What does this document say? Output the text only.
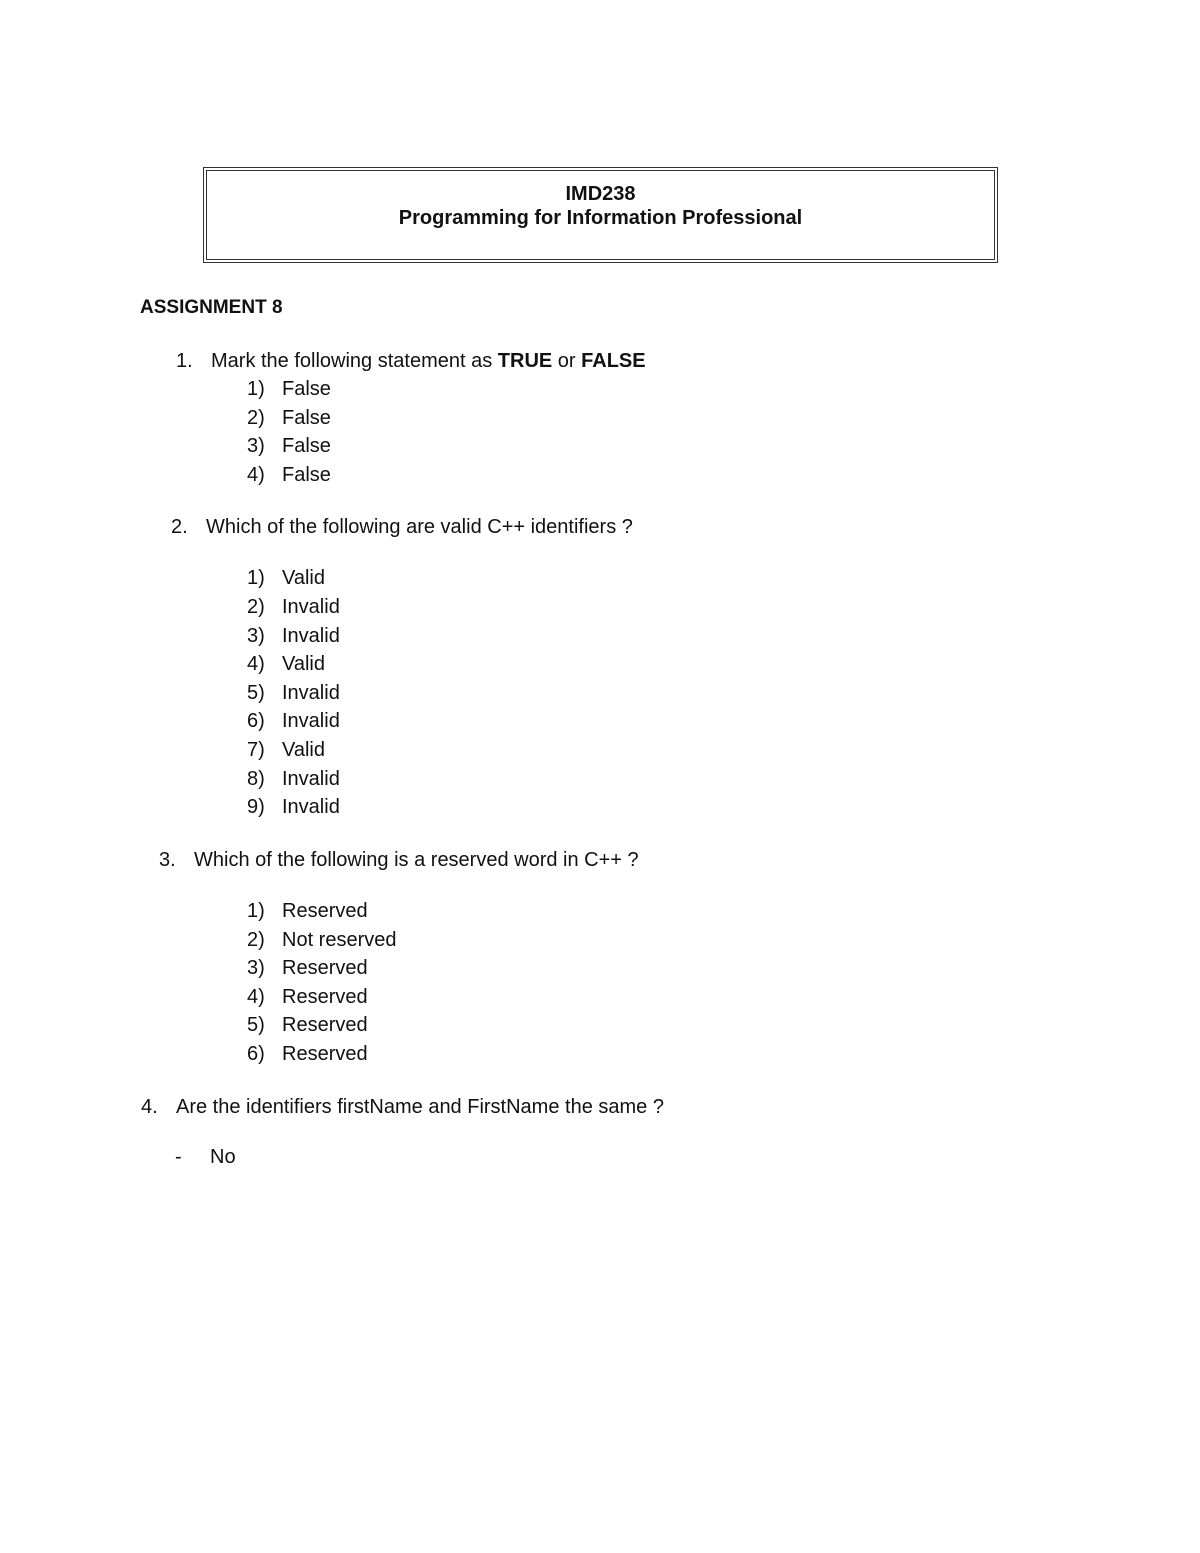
IMD238
Programming for Information Professional
ASSIGNMENT 8
1. Mark the following statement as TRUE or FALSE
1) False
2) False
3) False
4) False
2. Which of the following are valid C++ identifiers ?
1) Valid
2) Invalid
3) Invalid
4) Valid
5) Invalid
6) Invalid
7) Valid
8) Invalid
9) Invalid
3. Which of the following is a reserved word in C++ ?
1) Reserved
2) Not reserved
3) Reserved
4) Reserved
5) Reserved
6) Reserved
4. Are the identifiers firstName and FirstName the same ?
- No
